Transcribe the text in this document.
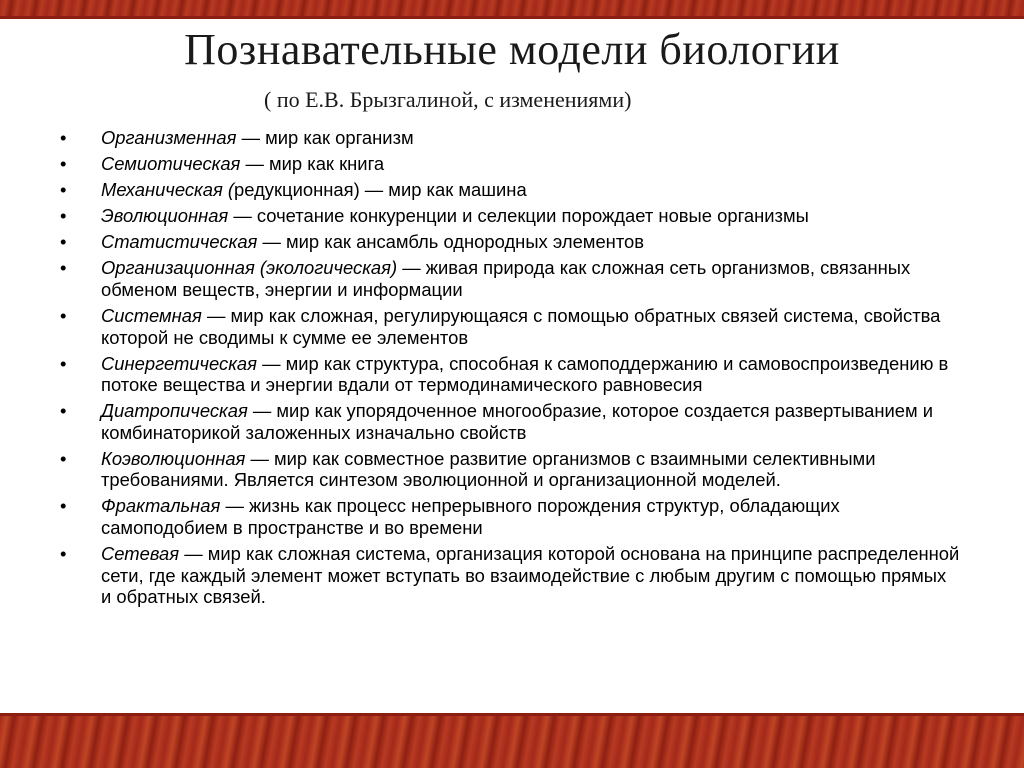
Познавательные модели биологии
( по Е.В. Брызгалиной, с изменениями)
• Организменная — мир как организм
• Семиотическая — мир как книга
• Механическая (редукционная) — мир как машина
• Эволюционная — сочетание конкуренции и селекции порождает новые организмы
• Статистическая — мир как ансамбль однородных элементов
• Организационная (экологическая) — живая природа как сложная сеть организмов, связанных обменом веществ, энергии и информации
• Системная — мир как сложная, регулирующаяся с помощью обратных связей система, свойства которой не сводимы к сумме ее элементов
• Синергетическая — мир как структура, способная к самоподдержанию и самовоспроизведению в потоке вещества и энергии вдали от термодинамического равновесия
• Диатропическая — мир как упорядоченное многообразие, которое создается развертыванием и комбинаторикой заложенных изначально свойств
• Коэволюционная — мир как совместное развитие организмов с взаимными селективными требованиями. Является синтезом эволюционной и организационной моделей.
• Фрактальная — жизнь как процесс непрерывного порождения структур, обладающих самоподобием в пространстве и во времени
• Сетевая — мир как сложная система, организация которой основана на принципе распределенной сети, где каждый элемент может вступать во взаимодействие с любым другим с помощью прямых и обратных связей.
